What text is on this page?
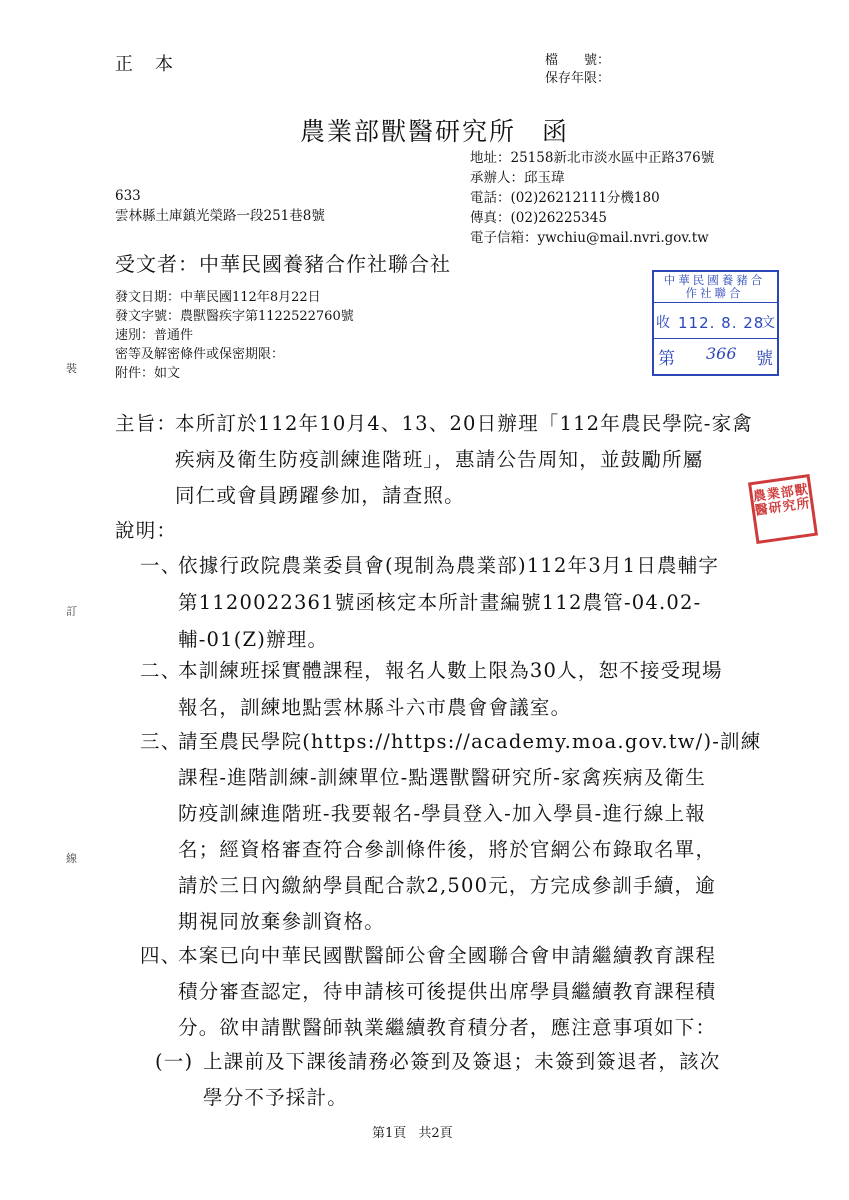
正本	檔　　號：
保存年限：
農業部獸醫研究所 函
地址：25158新北市淡水區中正路376號
承辦人：邱玉瑋
電話：(02)26212111分機180
傳真：(02)26225345
電子信箱：ywchiu@mail.nvri.gov.tw
633
雲林縣土庫鎮光榮路一段251巷8號
受文者：中華民國養豬合作社聯合社
發文日期：中華民國112年8月22日
發文字號：農獸醫疾字第1122522760號
速別：普通件
密等及解密條件或保密期限：
附件：如文
中華民國養豬合作社聯合
收 112. 8. 28
文
第 366 號
農業部獸醫研究所
裝
訂
線
主旨：
本所訂於112年10月4、13、20日辦理「112年農民學院-家禽
疾病及衛生防疫訓練進階班」，惠請公告周知，並鼓勵所屬
同仁或會員踴躍參加，請查照。
說明：
一、
依據行政院農業委員會(現制為農業部)112年3月1日農輔字
第1120022361號函核定本所計畫編號112農管-04.02-
輔-01(Z)辦理。
二、
本訓練班採實體課程，報名人數上限為30人，恕不接受現場
報名，訓練地點雲林縣斗六市農會會議室。
三、
請至農民學院(https://https://academy.moa.gov.tw/)-訓練
課程-進階訓練-訓練單位-點選獸醫研究所-家禽疾病及衛生
防疫訓練進階班-我要報名-學員登入-加入學員-進行線上報
名；經資格審查符合參訓條件後，將於官網公布錄取名單，
請於三日內繳納學員配合款2,500元，方完成參訓手續，逾
期視同放棄參訓資格。
四、
本案已向中華民國獸醫師公會全國聯合會申請繼續教育課程
積分審查認定，待申請核可後提供出席學員繼續教育課程積
分。欲申請獸醫師執業繼續教育積分者，應注意事項如下：
(一) 上課前及下課後請務必簽到及簽退；未簽到簽退者，該次
學分不予採計。
第1頁 共2頁
